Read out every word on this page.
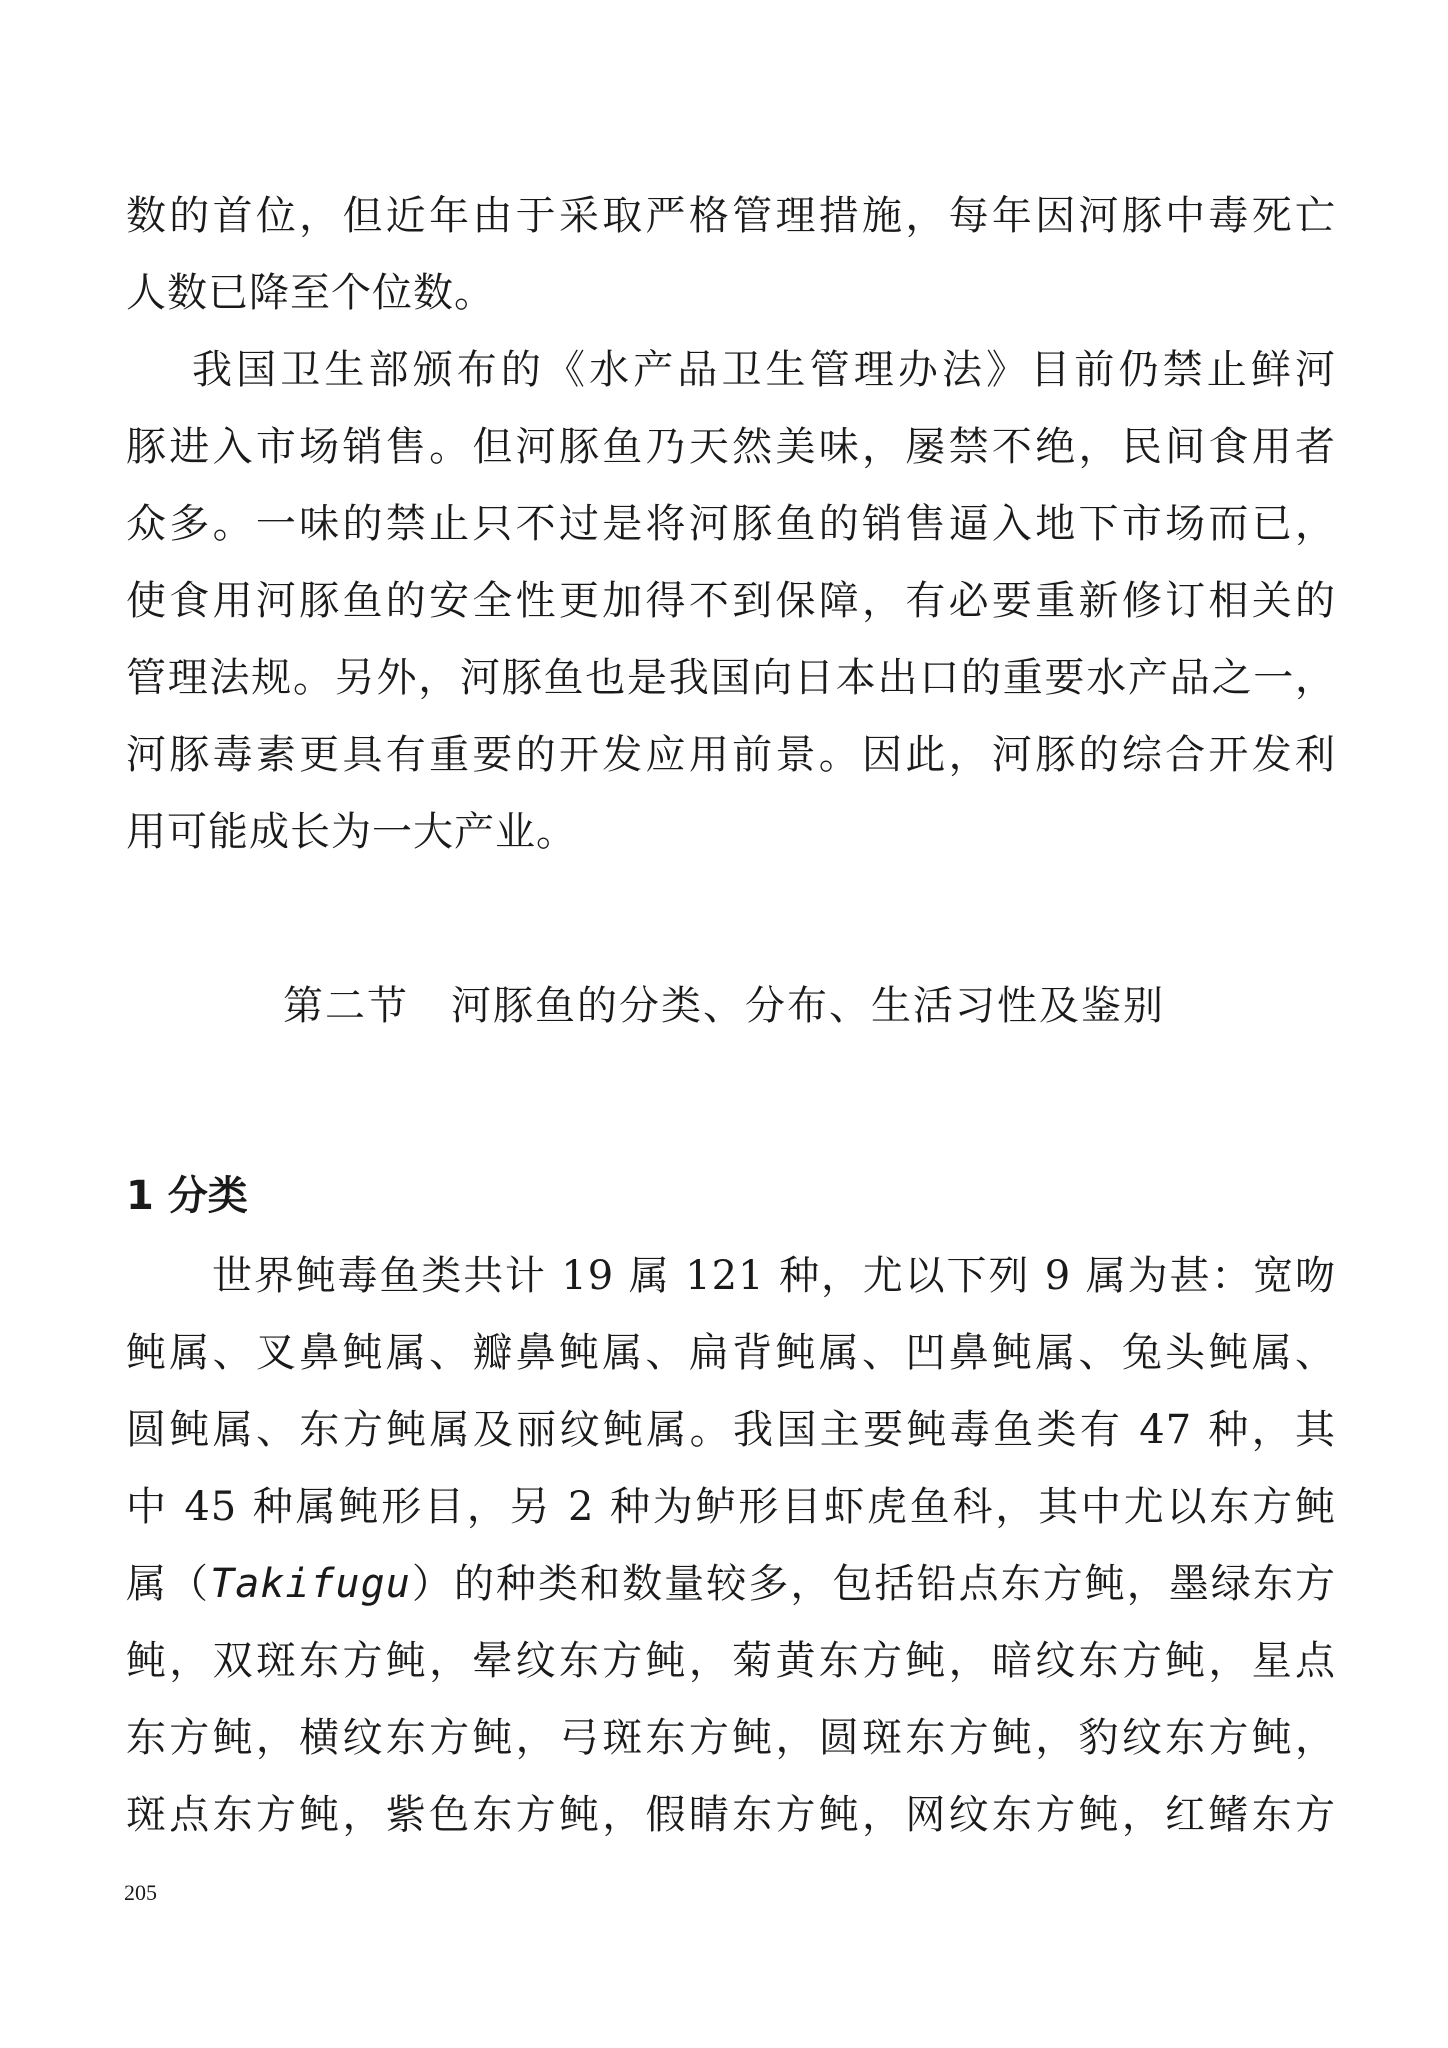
数的首位，但近年由于采取严格管理措施，每年因河豚中毒死亡
人数已降至个位数。
我国卫生部颁布的《水产品卫生管理办法》目前仍禁止鲜河
豚进入市场销售。但河豚鱼乃天然美味，屡禁不绝，民间食用者
众多。一味的禁止只不过是将河豚鱼的销售逼入地下市场而已，
使食用河豚鱼的安全性更加得不到保障，有必要重新修订相关的
管理法规。另外，河豚鱼也是我国向日本出口的重要水产品之一，
河豚毒素更具有重要的开发应用前景。因此，河豚的综合开发利
用可能成长为一大产业。
第二节　河豚鱼的分类、分布、生活习性及鉴别
1 分类
世界鲀毒鱼类共计 19 属 121 种，尤以下列 9 属为甚：宽吻
鲀属、叉鼻鲀属、瓣鼻鲀属、扁背鲀属、凹鼻鲀属、兔头鲀属、
圆鲀属、东方鲀属及丽纹鲀属。我国主要鲀毒鱼类有 47 种，其
中 45 种属鲀形目，另 2 种为鲈形目虾虎鱼科，其中尤以东方鲀
属（Takifugu）的种类和数量较多，包括铅点东方鲀，墨绿东方
鲀，双斑东方鲀，晕纹东方鲀，菊黄东方鲀，暗纹东方鲀，星点
东方鲀，横纹东方鲀，弓斑东方鲀，圆斑东方鲀，豹纹东方鲀，
斑点东方鲀，紫色东方鲀，假睛东方鲀，网纹东方鲀，红鳍东方
205
